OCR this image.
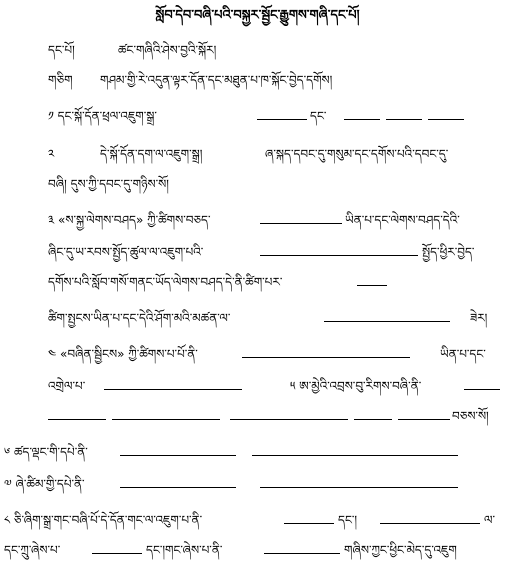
སློབ་དེབ་བཞི་པའི་བསྐྱར་སྦྱོང་རྒྱུགས་གཞི་དང་པོ།
དང་པོ།	ཚང་གཞིའི་ཤེས་བྱའི་སྐོར།
གཅིག གཤམ་གྱི་རེ་འདུན་ལྟར་དོན་དང་མཐུན་པ་ཁ་སྐོང་བྱེད་དགོས།
༡ དང་སྐོ་དོན་ཕྲལ་འཇུག་སྒྲ་	དང་
༢	དེ་སྐོ་དོན་དག་ལ་འཇུག་སྒྲ།	ཞ་སྐད་དབང་དུ་གསུམ་དང་དགོས་པའི་དབང་དུ་
བཞི། དུས་ཀྱི་དབང་དུ་གཉིས་སོ།
༣ «ས་སྐྱ་ལེགས་བཤད» ཀྱི་ཚིགས་བཅད་	ཡིན་པ་དང་ལེགས་བཤད་དེའི་
ཞིང་དུ་ཡ་རབས་སྤྱོད་ཚུལ་ལ་འཇུག་པའི་	སྤྱོད་ཕྱིར་བྱེད་
དགོས་པའི་སློབ་གསོ་གནང་ཡོད་ལེགས་བཤད་དེ་ནི་ཚིག་པར་
ཚིག་སྤྱངས་ཡིན་པ་དང་དེའི་ཤོག་མའི་མཚན་ལ་	ཟེར།
༤ «བཞིན་སྦྱིངས» ཀྱི་ཚིགས་པ་པོ་ནི་	ཡིན་པ་དང་
འགྲེལ་པ་	༥ ཨ་མྱེའི་འབྲས་བུ་རིགས་བཞི་ནི་
བཅས་སོ།
༦ ཚད་ལྡང་གི་དཔེ་ནི་
༧ ཞེ་ཚིམ་གྱི་དཔེ་ནི་
༨ ཅི་ཞིག་སྒྲ་གང་བཞི་པོ་དེ་དོན་གང་ལ་འཇུག་པ་ནི་	དང་།	ལ་
དང་ཀྲུ་ཞེས་པ་	དང་།གང་ཞེས་པ་ནི་	གཞིས་ཀྱང་ཕྱིང་མེད་དུ་འཇུག
